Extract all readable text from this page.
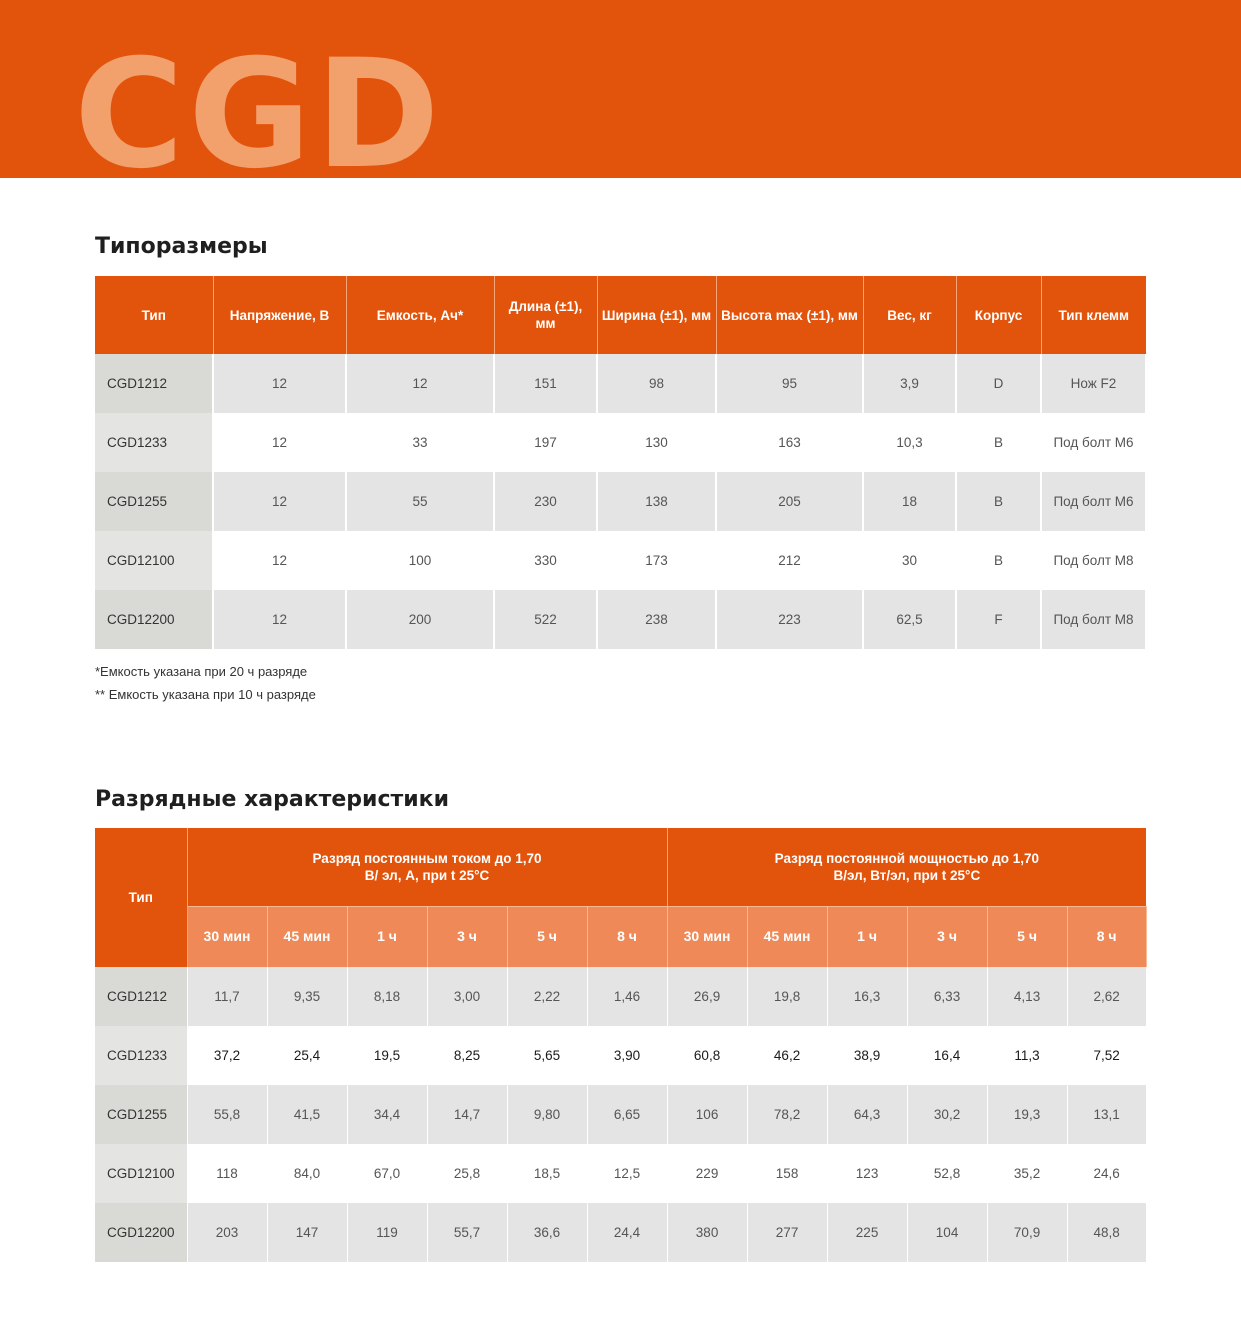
CGD
Типоразмеры
Тип	Напряжение, В	Емкость, Ач*	Длина (±1), мм	Ширина (±1), мм	Высота max (±1), мм	Вес, кг	Корпус	Тип клемм
CGD1212	12	12	151	98	95	3,9	D	Нож F2
CGD1233	12	33	197	130	163	10,3	B	Под болт М6
CGD1255	12	55	230	138	205	18	B	Под болт М6
CGD12100	12	100	330	173	212	30	B	Под болт М8
CGD12200	12	200	522	238	223	62,5	F	Под болт М8
*Емкость указана при 20 ч разряде
** Емкость указана при 10 ч разряде
Разрядные характеристики
Тип	Разряд постоянным током до 1,70 В/ эл, А, при t 25°C						Разряд постоянной мощностью до 1,70 В/эл, Вт/эл, при t 25°C					
	30 мин	45 мин	1 ч	3 ч	5 ч	8 ч	30 мин	45 мин	1 ч	3 ч	5 ч	8 ч
CGD1212	11,7	9,35	8,18	3,00	2,22	1,46	26,9	19,8	16,3	6,33	4,13	2,62
CGD1233	37,2	25,4	19,5	8,25	5,65	3,90	60,8	46,2	38,9	16,4	11,3	7,52
CGD1255	55,8	41,5	34,4	14,7	9,80	6,65	106	78,2	64,3	30,2	19,3	13,1
CGD12100	118	84,0	67,0	25,8	18,5	12,5	229	158	123	52,8	35,2	24,6
CGD12200	203	147	119	55,7	36,6	24,4	380	277	225	104	70,9	48,8
